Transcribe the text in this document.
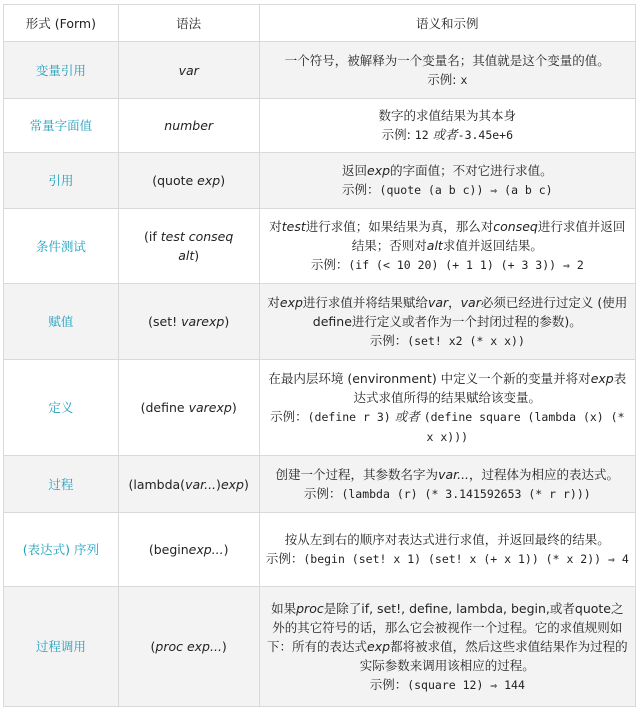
形式 (Form)	语法	语义和示例
变量引用	var	一个符号，被解释为一个变量名；其值就是这个变量的值。
示例: x

常量字面值	number	数字的求值结果为其本身
示例: 12 或者-3.45e+6

引用	(quote exp)	返回exp的字面值；不对它进行求值。
示例：(quote (a b c)) ⇒ (a b c)

条件测试	(if test conseq
alt)	对test进行求值；如果结果为真，那么对conseq进行求值并返回结果；否则对alt求值并返回结果。
示例：(if (< 10 20) (+ 1 1) (+ 3 3)) ⇒ 2

赋值	(set! varexp)	对exp进行求值并将结果赋给var，var必须已经进行过定义 (使用define进行定义或者作为一个封闭过程的参数)。
示例：(set! x2 (* x x))

定义	(define varexp)	在最内层环境 (environment) 中定义一个新的变量并将对exp表达式求值所得的结果赋给该变量。
示例：(define r 3) 或者 (define square (lambda (x) (* x x)))

过程	(lambda(var...)exp)	创建一个过程，其参数名字为var...，过程体为相应的表达式。
示例：(lambda (r) (* 3.141592653 (* r r)))

(表达式) 序列	(beginexp...)	按从左到右的顺序对表达式进行求值，并返回最终的结果。
示例：(begin (set! x 1) (set! x (+ x 1)) (* x 2)) ⇒ 4

过程调用	(proc exp...)	如果proc是除了if, set!, define, lambda, begin,或者quote之外的其它符号的话，那么它会被视作一个过程。它的求值规则如下：所有的表达式exp都将被求值，然后这些求值结果作为过程的实际参数来调用该相应的过程。
示例：(square 12) ⇒ 144
